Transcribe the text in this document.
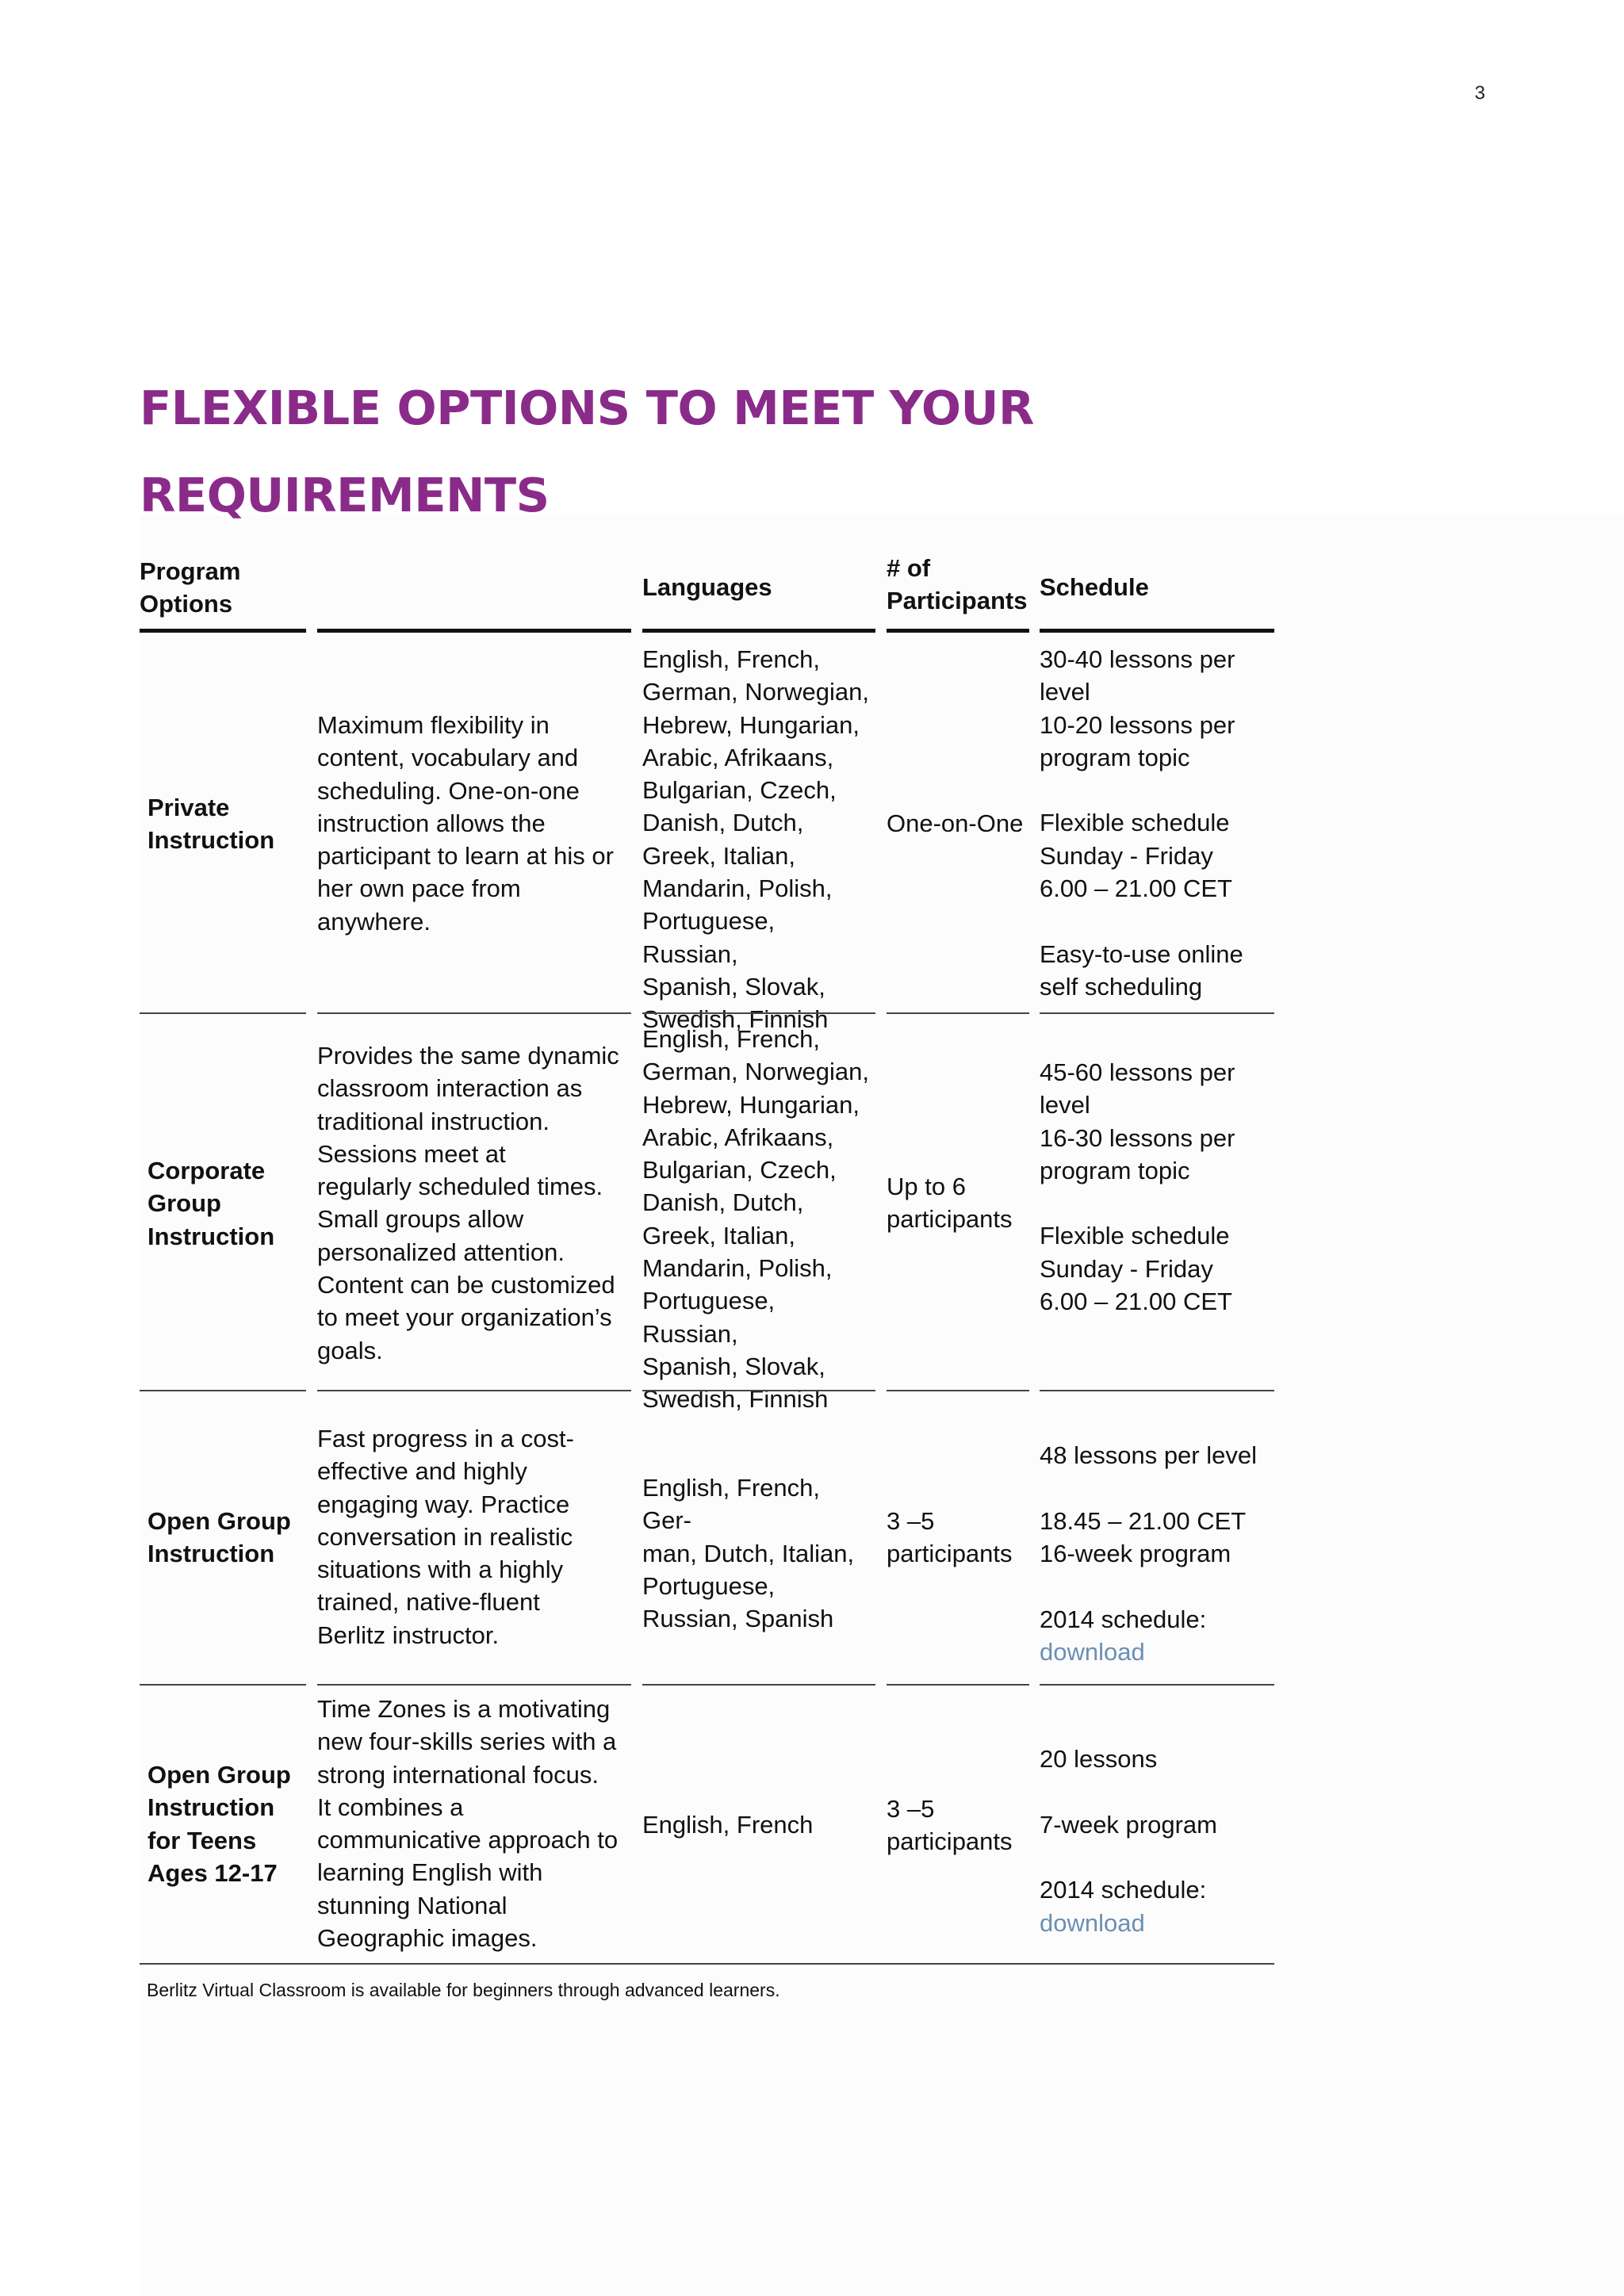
3
FLEXIBLE OPTIONS TO MEET YOUR REQUIREMENTS
Program
Options
Languages
# of
Participants Schedule
Private
Instruction
Maximum flexibility in
content, vocabulary and
scheduling. One-on-one
instruction allows the
participant to learn at his or
her own pace from
anywhere.
English, French,
German, Norwegian,
Hebrew, Hungarian,
Arabic, Afrikaans,
Bulgarian, Czech,
Danish, Dutch,
Greek, Italian,
Mandarin, Polish,
Portuguese, Russian,
Spanish, Slovak,
Swedish, Finnish
One-on-One
30-40 lessons per
level
10-20 lessons per
program topic

Flexible schedule
Sunday - Friday
6.00 – 21.00 CET

Easy-to-use online
self scheduling
Corporate
Group
Instruction
Provides the same dynamic
classroom interaction as
traditional instruction.
Sessions meet at
regularly scheduled times.
Small groups allow
personalized attention.
Content can be customized
to meet your organization’s
goals.
English, French,
German, Norwegian,
Hebrew, Hungarian,
Arabic, Afrikaans,
Bulgarian, Czech,
Danish, Dutch,
Greek, Italian,
Mandarin, Polish,
Portuguese, Russian,
Spanish, Slovak,
Swedish, Finnish
Up to 6
participants
45-60 lessons per
level
16-30 lessons per
program topic

Flexible schedule
Sunday - Friday
6.00 – 21.00 CET
Open Group
Instruction
Fast progress in a cost-
effective and highly
engaging way. Practice
conversation in realistic
situations with a highly
trained, native-fluent
Berlitz instructor.
English, French, Ger-
man, Dutch, Italian,
Portuguese,
Russian, Spanish
3 –5
participants

48 lessons per level

18.45 – 21.00 CET
16-week program

2014 schedule:
download

Open Group
Instruction
for Teens
Ages 12-17
Time Zones is a motivating
new four-skills series with a
strong international focus.
It combines a
communicative approach to
learning English with
stunning National
Geographic images.
English, French
3 –5
participants

20 lessons

7-week program

2014 schedule:
download

Berlitz Virtual Classroom is available for beginners through advanced learners.
